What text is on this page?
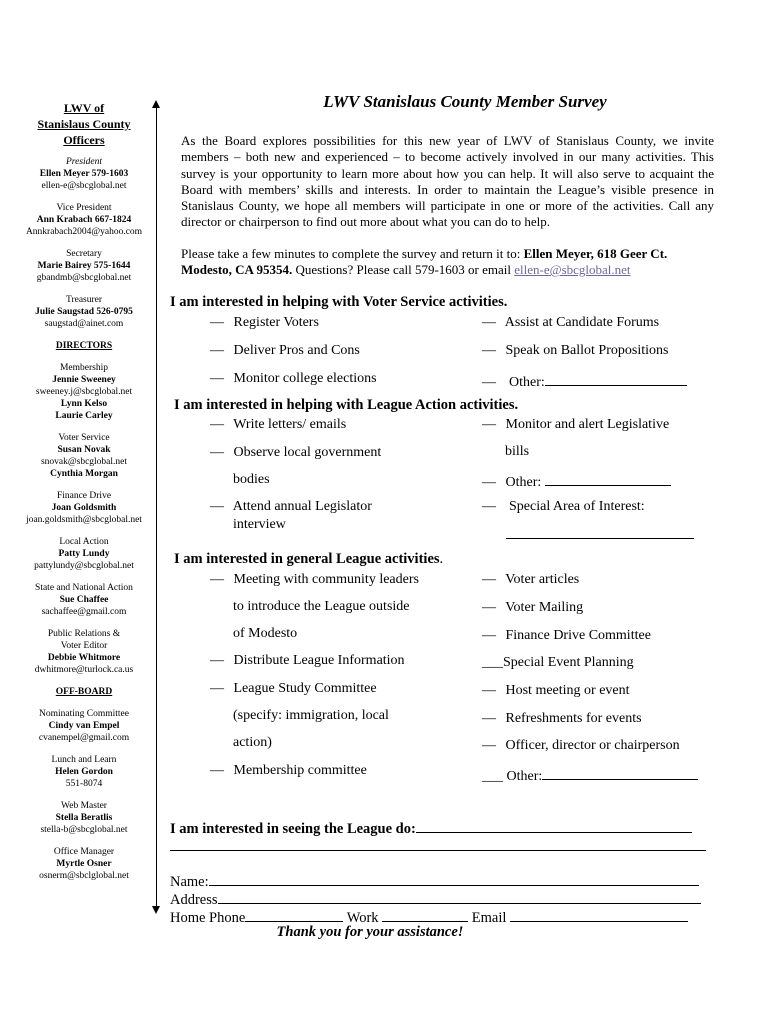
LWV of
Stanislaus County
Officers
President
Ellen Meyer 579-1603
ellen-e@sbcglobal.net
Vice President
Ann Krabach 667-1824
Annkrabach2004@yahoo.com
Secretary
Marie Bairey 575-1644
gbandmb@sbcglobal.net
Treasurer
Julie Saugstad 526-0795
saugstad@ainet.com
DIRECTORS
Membership
Jennie Sweeney
sweeney.j@sbcglobal.net
Lynn Kelso
Laurie Carley
Voter Service
Susan Novak
snovak@sbcglobal.net
Cynthia Morgan
Finance Drive
Joan Goldsmith
joan.goldsmith@sbcglobal.net
Local Action
Patty Lundy
pattylundy@sbcglobal.net
State and National Action
Sue Chaffee
sachaffee@gmail.com
Public Relations &
Voter Editor
Debbie Whitmore
dwhitmore@turlock.ca.us
OFF-BOARD
Nominating Committee
Cindy van Empel
cvanempel@gmail.com
Lunch and Learn
Helen Gordon
551-8074
Web Master
Stella Beratlis
stella-b@sbcglobal.net
Office Manager
Myrtle Osner
osnerm@sbclglobal.net
LWV Stanislaus County Member Survey
As the Board explores possibilities for this new year of LWV of Stanislaus County, we invite members – both new and experienced – to become actively involved in our many activities. This survey is your opportunity to learn more about how you can help. It will also serve to acquaint the Board with members’ skills and interests. In order to maintain the League’s visible presence in Stanislaus County, we hope all members will participate in one or more of the activities. Call any director or chairperson to find out more about what you can do to help.
Please take a few minutes to complete the survey and return it to: Ellen Meyer, 618 Geer Ct. Modesto, CA 95354. Questions? Please call 579-1603 or email ellen-e@sbcglobal.net
I am interested in helping with Voter Service activities.
— Register Voters
— Deliver Pros and Cons
— Monitor college elections
— Assist at Candidate Forums
— Speak on Ballot Propositions
— Other:
I am interested in helping with League Action activities.
— Write letters/ emails
— Observe local government
bodies
— Attend annual Legislator
interview
— Monitor and alert Legislative
bills
— Other:
— Special Area of Interest:
I am interested in general League activities.
— Meeting with community leaders
to introduce the League outside
of Modesto
— Distribute League Information
— League Study Committee
(specify: immigration, local
action)
— Membership committee
— Voter articles
— Voter Mailing
— Finance Drive Committee
___Special Event Planning
— Host meeting or event
— Refreshments for events
— Officer, director or chairperson
___ Other:
I am interested in seeing the League do:
Name:
Address
Home Phone	Work	Email
Thank you for your assistance!
